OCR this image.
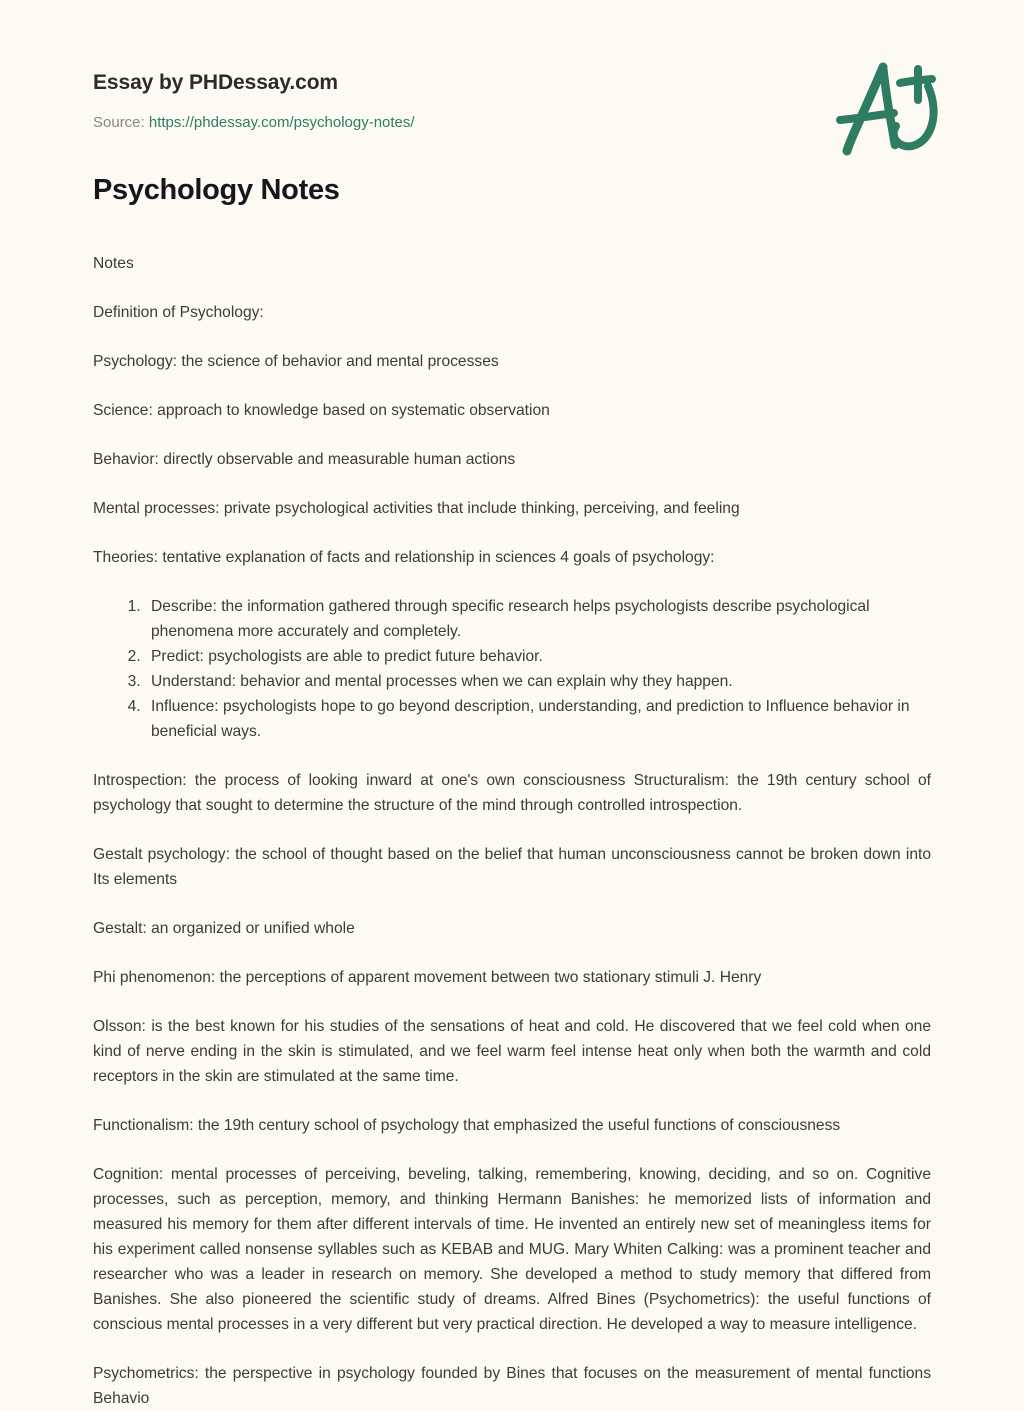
Essay by PHDessay.com
Source: https://phdessay.com/psychology-notes/
Psychology Notes

Notes

Definition of Psychology:

Psychology: the science of behavior and mental processes

Science: approach to knowledge based on systematic observation

Behavior: directly observable and measurable human actions

Mental processes: private psychological activities that include thinking, perceiving, and feeling

Theories: tentative explanation of facts and relationship in sciences 4 goals of psychology:

1. Describe: the information gathered through specific research helps psychologists describe psychological phenomena more accurately and completely.
2. Predict: psychologists are able to predict future behavior.
3. Understand: behavior and mental processes when we can explain why they happen.
4. Influence: psychologists hope to go beyond description, understanding, and prediction to Influence behavior in beneficial ways.

Introspection: the process of looking inward at one's own consciousness Structuralism: the 19th century school of psychology that sought to determine the structure of the mind through controlled introspection.

Gestalt psychology: the school of thought based on the belief that human unconsciousness cannot be broken down into Its elements

Gestalt: an organized or unified whole

Phi phenomenon: the perceptions of apparent movement between two stationary stimuli J. Henry

Olsson: is the best known for his studies of the sensations of heat and cold. He discovered that we feel cold when one kind of nerve ending in the skin is stimulated, and we feel warm feel intense heat only when both the warmth and cold receptors in the skin are stimulated at the same time.

Functionalism: the 19th century school of psychology that emphasized the useful functions of consciousness

Cognition: mental processes of perceiving, beveling, talking, remembering, knowing, deciding, and so on. Cognitive processes, such as perception, memory, and thinking Hermann Banishes: he memorized lists of information and measured his memory for them after different intervals of time. He invented an entirely new set of meaningless items for his experiment called nonsense syllables such as KEBAB and MUG. Mary Whiten Calking: was a prominent teacher and researcher who was a leader in research on memory. She developed a method to study memory that differed from Banishes. She also pioneered the scientific study of dreams. Alfred Bines (Psychometrics): the useful functions of conscious mental processes in a very different but very practical direction. He developed a way to measure intelligence.

Psychometrics: the perspective in psychology founded by Bines that focuses on the measurement of mental functions Behavio
